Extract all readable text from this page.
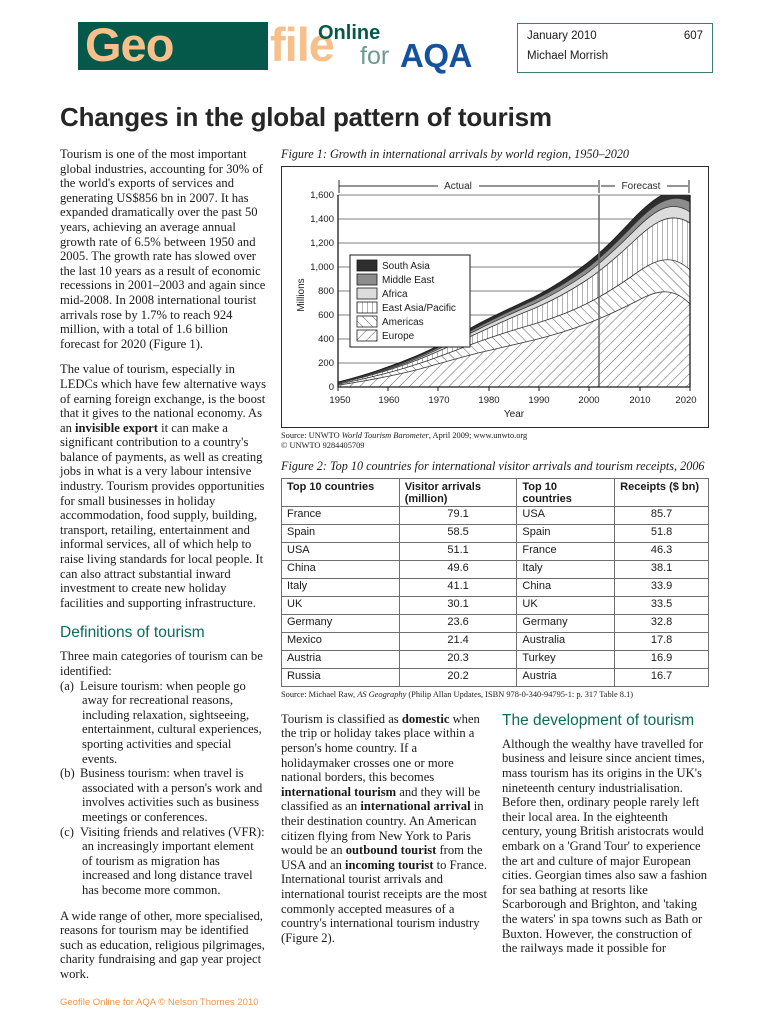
Geo file
Online
for AQA
January 2010	607
Michael Morrish
Changes in the global pattern of tourism

Tourism is one of the most important global industries, accounting for 30% of the world's exports of services and generating US$856 bn in 2007. It has expanded dramatically over the past 50 years, achieving an average annual growth rate of 6.5% between 1950 and 2005. The growth rate has slowed over the last 10 years as a result of economic recessions in 2001–2003 and again since mid-2008. In 2008 international tourist arrivals rose by 1.7% to reach 924 million, with a total of 1.6 billion forecast for 2020 (Figure 1).

The value of tourism, especially in LEDCs which have few alternative ways of earning foreign exchange, is the boost that it gives to the national economy. As an invisible export it can make a significant contribution to a country's balance of payments, as well as creating jobs in what is a very labour intensive industry. Tourism provides opportunities for small businesses in holiday accommodation, food supply, building, transport, retailing, entertainment and informal services, all of which help to raise living standards for local people. It can also attract substantial inward investment to create new holiday facilities and supporting infrastructure.

Definitions of tourism

Three main categories of tourism can be identified:

(a) Leisure tourism: when people go away for recreational reasons, including relaxation, sightseeing, entertainment, cultural experiences, sporting activities and special events.
(b) Business tourism: when travel is associated with a person's work and involves activities such as business meetings or conferences.
(c) Visiting friends and relatives (VFR): an increasingly important element of tourism as migration has increased and long distance travel has become more common.

A wide range of other, more specialised, reasons for tourism may be identified such as education, religious pilgrimages, charity fundraising and gap year project work.

Figure 1: Growth in international arrivals by world region, 1950–2020

Actual	Forecast
1,600
1,400
1,200
1,000
800
600
400
200
0
1950	1960	1970	1980	1990	2000	2010	2020
Year
Millions
South Asia
Middle East
Africa
East Asia/Pacific
Americas
Europe

Source: UNWTO World Tourism Barometer, April 2009; www.unwto.org
© UNWTO 9284405709

Figure 2: Top 10 countries for international visitor arrivals and tourism receipts, 2006

Top 10 countries	Visitor arrivals (million)	Top 10 countries	Receipts ($ bn)
France	79.1	USA	85.7
Spain	58.5	Spain	51.8
USA	51.1	France	46.3
China	49.6	Italy	38.1
Italy	41.1	China	33.9
UK	30.1	UK	33.5
Germany	23.6	Germany	32.8
Mexico	21.4	Australia	17.8
Austria	20.3	Turkey	16.9
Russia	20.2	Austria	16.7

Source: Michael Raw, AS Geography (Philip Allan Updates, ISBN 978-0-340-94795-1: p. 317 Table 8.1)

Tourism is classified as domestic when the trip or holiday takes place within a person's home country. If a holidaymaker crosses one or more national borders, this becomes international tourism and they will be classified as an international arrival in their destination country. An American citizen flying from New York to Paris would be an outbound tourist from the USA and an incoming tourist to France. International tourist arrivals and international tourist receipts are the most commonly accepted measures of a country's international tourism industry (Figure 2).

The development of tourism

Although the wealthy have travelled for business and leisure since ancient times, mass tourism has its origins in the UK's nineteenth century industrialisation. Before then, ordinary people rarely left their local area. In the eighteenth century, young British aristocrats would embark on a 'Grand Tour' to experience the art and culture of major European cities. Georgian times also saw a fashion for sea bathing at resorts like Scarborough and Brighton, and 'taking the waters' in spa towns such as Bath or Buxton. However, the construction of the railways made it possible for

Geofile Online for AQA © Nelson Thornes 2010
